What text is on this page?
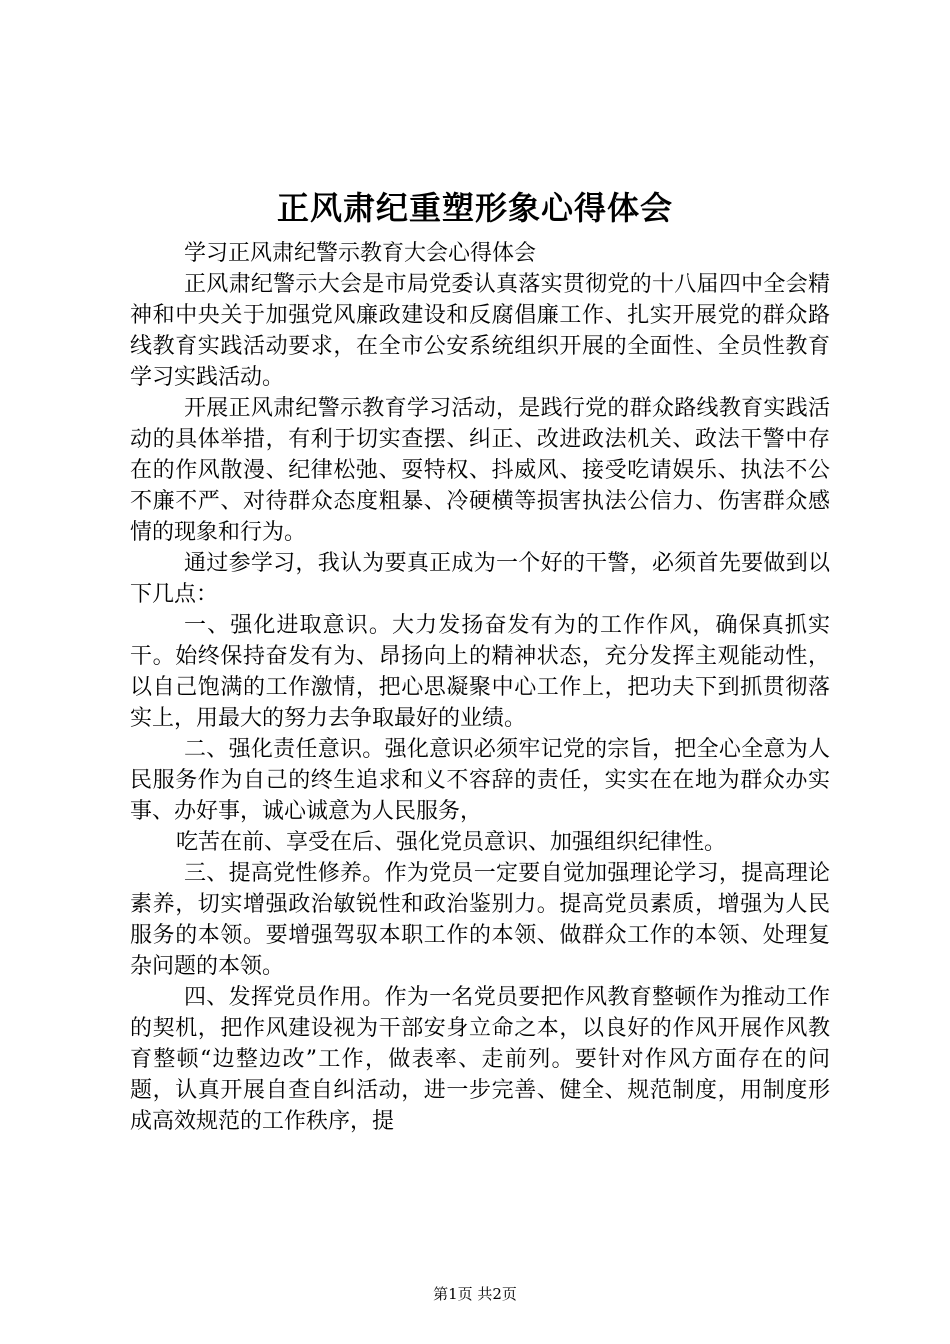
正风肃纪重塑形象心得体会

学习正风肃纪警示教育大会心得体会

正风肃纪警示大会是市局党委认真落实贯彻党的十八届四中全会精神和中央关于加强党风廉政建设和反腐倡廉工作、扎实开展党的群众路线教育实践活动要求，在全市公安系统组织开展的全面性、全员性教育学习实践活动。

开展正风肃纪警示教育学习活动，是践行党的群众路线教育实践活动的具体举措，有利于切实查摆、纠正、改进政法机关、政法干警中存在的作风散漫、纪律松弛、耍特权、抖威风、接受吃请娱乐、执法不公不廉不严、对待群众态度粗暴、冷硬横等损害执法公信力、伤害群众感情的现象和行为。

通过参学习，我认为要真正成为一个好的干警，必须首先要做到以下几点：

一、强化进取意识。大力发扬奋发有为的工作作风，确保真抓实干。始终保持奋发有为、昂扬向上的精神状态，充分发挥主观能动性，以自己饱满的工作激情，把心思凝聚中心工作上，把功夫下到抓贯彻落实上，用最大的努力去争取最好的业绩。

二、强化责任意识。强化意识必须牢记党的宗旨，把全心全意为人民服务作为自己的终生追求和义不容辞的责任，实实在在地为群众办实事、办好事，诚心诚意为人民服务，

吃苦在前、享受在后、强化党员意识、加强组织纪律性。

三、提高党性修养。作为党员一定要自觉加强理论学习，提高理论素养，切实增强政治敏锐性和政治鉴别力。提高党员素质，增强为人民服务的本领。要增强驾驭本职工作的本领、做群众工作的本领、处理复杂问题的本领。

四、发挥党员作用。作为一名党员要把作风教育整顿作为推动工作的契机，把作风建设视为干部安身立命之本，以良好的作风开展作风教育整顿“边整边改”工作，做表率、走前列。要针对作风方面存在的问题，认真开展自查自纠活动，进一步完善、健全、规范制度，用制度形成高效规范的工作秩序，提

第1页 共2页
